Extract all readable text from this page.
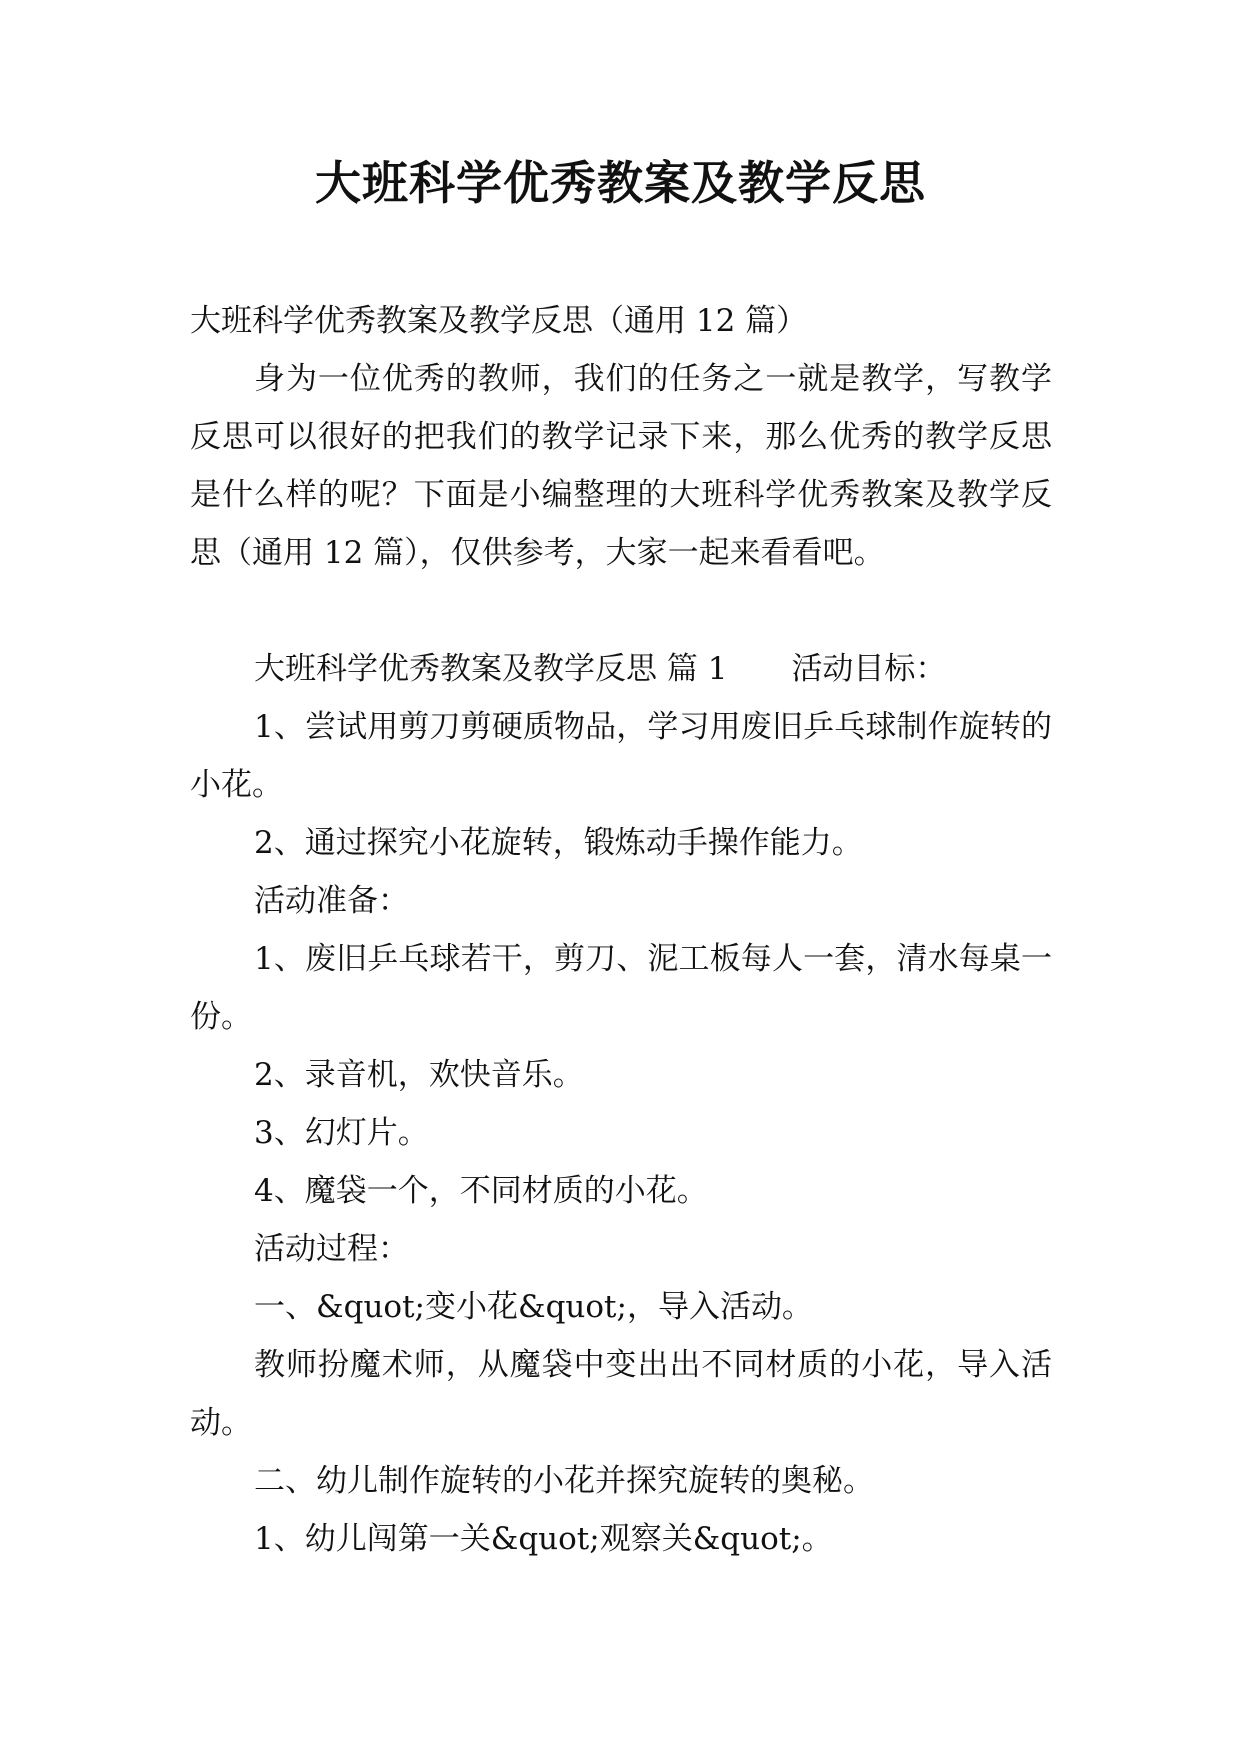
大班科学优秀教案及教学反思

大班科学优秀教案及教学反思（通用 12 篇）

身为一位优秀的教师，我们的任务之一就是教学，写教学反思可以很好的把我们的教学记录下来，那么优秀的教学反思是什么样的呢？下面是小编整理的大班科学优秀教案及教学反思（通用 12 篇），仅供参考，大家一起来看看吧。

大班科学优秀教案及教学反思 篇 1 活动目标：

1、尝试用剪刀剪硬质物品，学习用废旧乒乓球制作旋转的小花。

2、通过探究小花旋转，锻炼动手操作能力。

活动准备：

1、废旧乒乓球若干，剪刀、泥工板每人一套，清水每桌一份。

2、录音机，欢快音乐。

3、幻灯片。

4、魔袋一个，不同材质的小花。

活动过程：

一、&quot;变小花&quot;，导入活动。

教师扮魔术师，从魔袋中变出出不同材质的小花，导入活动。

二、幼儿制作旋转的小花并探究旋转的奥秘。

1、幼儿闯第一关&quot;观察关&quot;。
